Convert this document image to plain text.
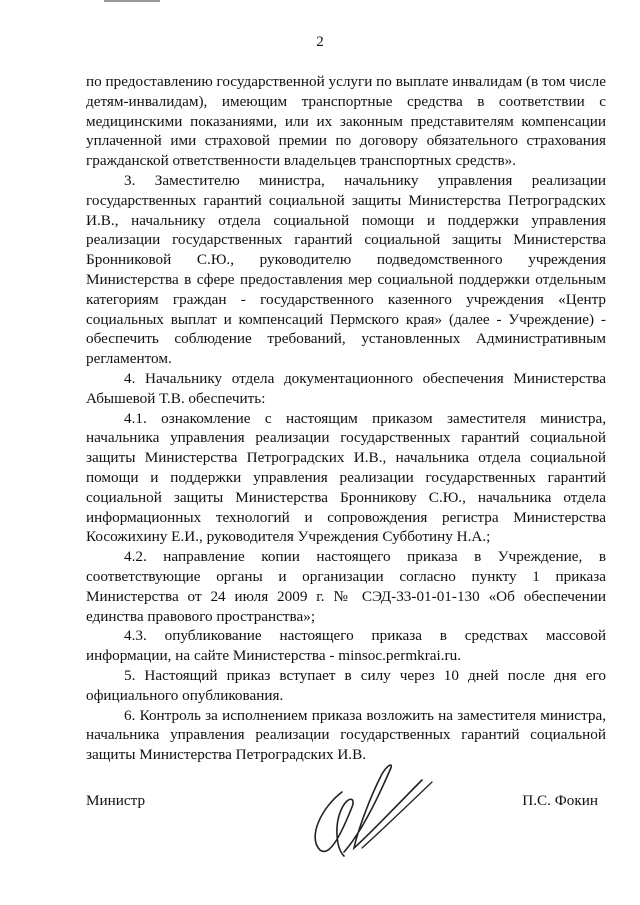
2

по предоставлению государственной услуги по выплате инвалидам (в том числе детям-инвалидам), имеющим транспортные средства в соответствии с медицинскими показаниями, или их законным представителям компенсации уплаченной ими страховой премии по договору обязательного страхования гражданской ответственности владельцев транспортных средств».

3. Заместителю министра, начальнику управления реализации государственных гарантий социальной защиты Министерства Петроградских И.В., начальнику отдела социальной помощи и поддержки управления реализации государственных гарантий социальной защиты Министерства Бронниковой С.Ю., руководителю подведомственного учреждения Министерства в сфере предоставления мер социальной поддержки отдельным категориям граждан - государственного казенного учреждения «Центр социальных выплат и компенсаций Пермского края» (далее - Учреждение) - обеспечить соблюдение требований, установленных Административным регламентом.

4. Начальнику отдела документационного обеспечения Министерства Абышевой Т.В. обеспечить:

4.1. ознакомление с настоящим приказом заместителя министра, начальника управления реализации государственных гарантий социальной защиты Министерства Петроградских И.В., начальника отдела социальной помощи и поддержки управления реализации государственных гарантий социальной защиты Министерства Бронникову С.Ю., начальника отдела информационных технологий и сопровождения регистра Министерства Косожихину Е.И., руководителя Учреждения Субботину Н.А.;

4.2. направление копии настоящего приказа в Учреждение, в соответствующие органы и организации согласно пункту 1 приказа Министерства от 24 июля 2009 г. № СЭД-33-01-01-130 «Об обеспечении единства правового пространства»;

4.3. опубликование настоящего приказа в средствах массовой информации, на сайте Министерства - minsoc.permkrai.ru.

5. Настоящий приказ вступает в силу через 10 дней после дня его официального опубликования.

6. Контроль за исполнением приказа возложить на заместителя министра, начальника управления реализации государственных гарантий социальной защиты Министерства Петроградских И.В.

Министр	П.С. Фокин
